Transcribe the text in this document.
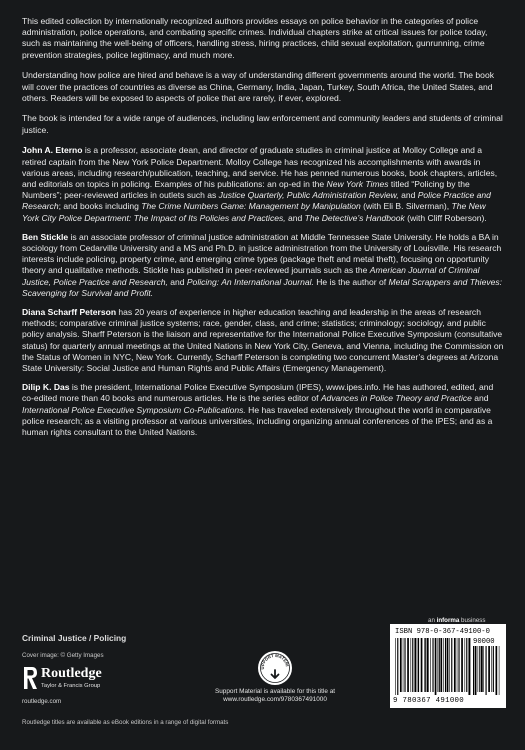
This edited collection by internationally recognized authors provides essays on police behavior in the categories of police administration, police operations, and combating specific crimes. Individual chapters strike at critical issues for police today, such as maintaining the well-being of officers, handling stress, hiring practices, child sexual exploitation, gunrunning, crime prevention strategies, police legitimacy, and much more.

Understanding how police are hired and behave is a way of understanding different governments around the world. The book will cover the practices of countries as diverse as China, Germany, India, Japan, Turkey, South Africa, the United States, and others. Readers will be exposed to aspects of police that are rarely, if ever, explored.

The book is intended for a wide range of audiences, including law enforcement and community leaders and students of criminal justice.

John A. Eterno is a professor, associate dean, and director of graduate studies in criminal justice at Molloy College and a retired captain from the New York Police Department. Molloy College has recognized his accomplishments with awards in various areas, including research/publication, teaching, and service. He has penned numerous books, book chapters, articles, and editorials on topics in policing. Examples of his publications: an op-ed in the New York Times titled “Policing by the Numbers”; peer-reviewed articles in outlets such as Justice Quarterly, Public Administration Review, and Police Practice and Research; and books including The Crime Numbers Game: Management by Manipulation (with Eli B. Silverman), The New York City Police Department: The Impact of Its Policies and Practices, and The Detective’s Handbook (with Cliff Roberson).

Ben Stickle is an associate professor of criminal justice administration at Middle Tennessee State University. He holds a BA in sociology from Cedarville University and a MS and Ph.D. in justice administration from the University of Louisville. His research interests include policing, property crime, and emerging crime types (package theft and metal theft), focusing on opportunity theory and qualitative methods. Stickle has published in peer-reviewed journals such as the American Journal of Criminal Justice, Police Practice and Research, and Policing: An International Journal. He is the author of Metal Scrappers and Thieves: Scavenging for Survival and Profit.

Diana Scharff Peterson has 20 years of experience in higher education teaching and leadership in the areas of research methods; comparative criminal justice systems; race, gender, class, and crime; statistics; criminology; sociology, and public policy analysis. Sharff Peterson is the liaison and representative for the International Police Executive Symposium (consultative status) for quarterly annual meetings at the United Nations in New York City, Geneva, and Vienna, including the Commission on the Status of Women in NYC, New York. Currently, Scharff Peterson is completing two concurrent Master’s degrees at Arizona State University: Social Justice and Human Rights and Public Affairs (Emergency Management).

Dilip K. Das is the president, International Police Executive Symposium (IPES), www.ipes.info. He has authored, edited, and co-edited more than 40 books and numerous articles. He is the series editor of Advances in Police Theory and Practice and International Police Executive Symposium Co-Publications. He has traveled extensively throughout the world in comparative police research; as a visiting professor at various universities, including organizing annual conferences of the IPES; and as a human rights consultant to the United Nations.

Criminal Justice / Policing
Cover image: © Getty Images
Routledge
Taylor & Francis Group
routledge.com
UPPORT MATERI
Support Material is available for this title at
www.routledge.com/9780367491000
an informa business
ISBN 978-0-367-49100-0
90000
9 780367 491000
Routledge titles are available as eBook editions in a range of digital formats
